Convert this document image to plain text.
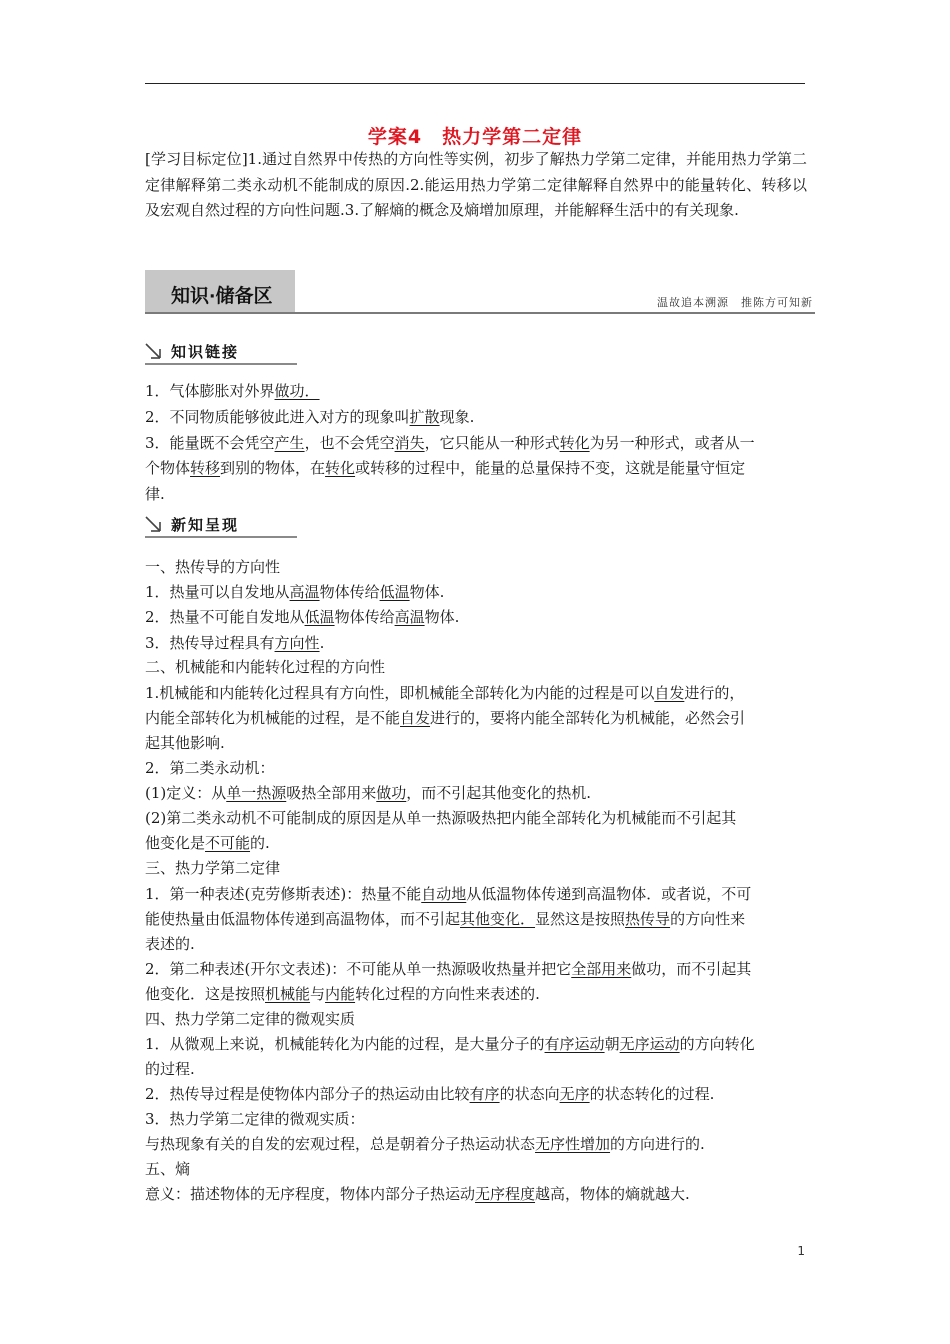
学案4　热力学第二定律

[学习目标定位]1.通过自然界中传热的方向性等实例，初步了解热力学第二定律，并能用热力学第二定律解释第二类永动机不能制成的原因.2.能运用热力学第二定律解释自然界中的能量转化、转移以及宏观自然过程的方向性问题.3.了解熵的概念及熵增加原理，并能解释生活中的有关现象.

知识·储备区	温故追本溯源　推陈方可知新
知识链接
新知呈现

1．气体膨胀对外界做功．

2．不同物质能够彼此进入对方的现象叫扩散现象.

3．能量既不会凭空产生，也不会凭空消失，它只能从一种形式转化为另一种形式，或者从一

个物体转移到别的物体，在转化或转移的过程中，能量的总量保持不变，这就是能量守恒定

律.

一、热传导的方向性

1．热量可以自发地从高温物体传给低温物体.

2．热量不可能自发地从低温物体传给高温物体.

3．热传导过程具有方向性.

二、机械能和内能转化过程的方向性

1.机械能和内能转化过程具有方向性，即机械能全部转化为内能的过程是可以自发进行的，

内能全部转化为机械能的过程，是不能自发进行的，要将内能全部转化为机械能，必然会引

起其他影响.

2．第二类永动机：

(1)定义：从单一热源吸热全部用来做功，而不引起其他变化的热机.

(2)第二类永动机不可能制成的原因是从单一热源吸热把内能全部转化为机械能而不引起其

他变化是不可能的.

三、热力学第二定律

1．第一种表述(克劳修斯表述)：热量不能自动地从低温物体传递到高温物体．或者说，不可

能使热量由低温物体传递到高温物体，而不引起其他变化．显然这是按照热传导的方向性来

表述的.

2．第二种表述(开尔文表述)：不可能从单一热源吸收热量并把它全部用来做功，而不引起其

他变化．这是按照机械能与内能转化过程的方向性来表述的.

四、热力学第二定律的微观实质

1．从微观上来说，机械能转化为内能的过程，是大量分子的有序运动朝无序运动的方向转化

的过程.

2．热传导过程是使物体内部分子的热运动由比较有序的状态向无序的状态转化的过程.

3．热力学第二定律的微观实质：

与热现象有关的自发的宏观过程，总是朝着分子热运动状态无序性增加的方向进行的.

五、熵

意义：描述物体的无序程度，物体内部分子热运动无序程度越高，物体的熵就越大.

1
